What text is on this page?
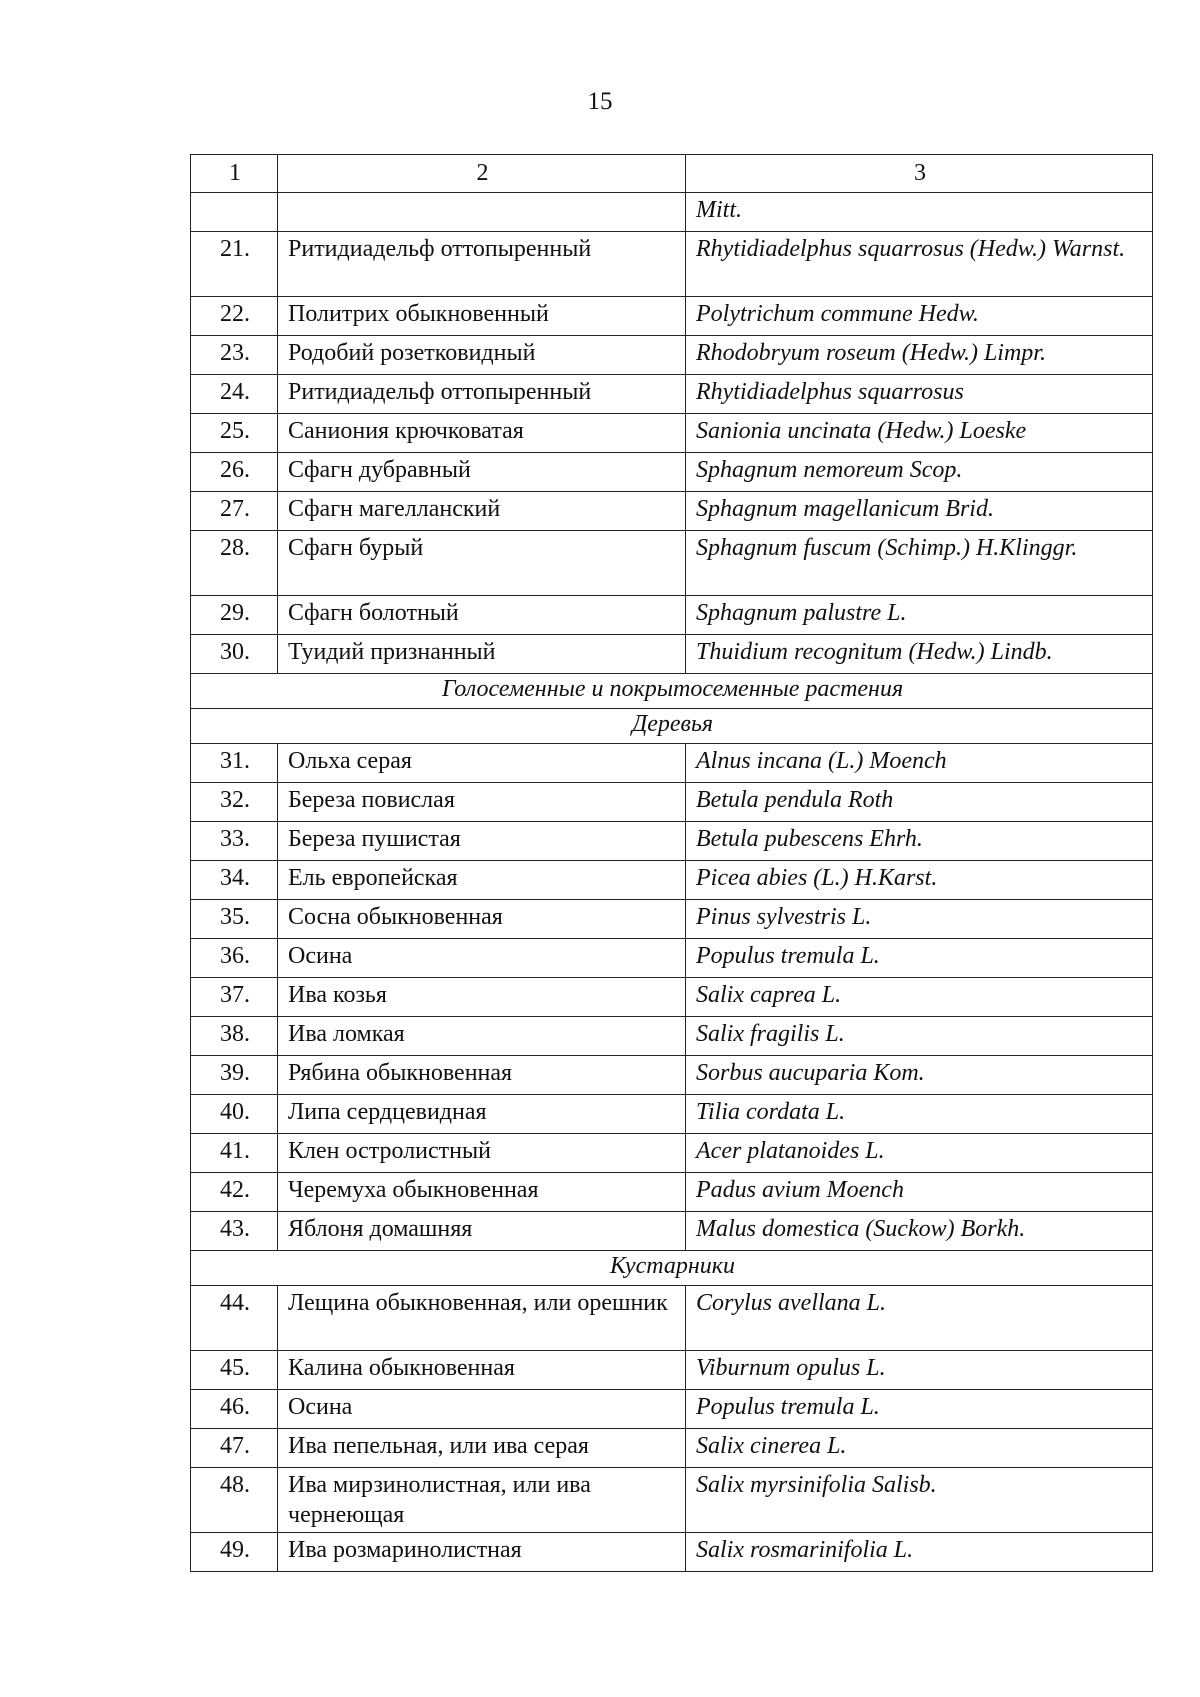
15
1	2	3
		Mitt.
21.	Ритидиадельф оттопыренный	Rhytidiadelphus squarrosus (Hedw.) Warnst.
22.	Политрих обыкновенный	Polytrichum commune Hedw.
23.	Родобий розетковидный	Rhodobryum roseum (Hedw.) Limpr.
24.	Ритидиадельф оттопыренный	Rhytidiadelphus squarrosus
25.	Саниония крючковатая	Sanionia uncinata (Hedw.) Loeske
26.	Сфагн дубравный	Sphagnum nemoreum Scop.
27.	Сфагн магелланский	Sphagnum magellanicum Brid.
28.	Сфагн бурый	Sphagnum fuscum (Schimp.) H.Klinggr.
29.	Сфагн болотный	Sphagnum palustre L.
30.	Туидий признанный	Thuidium recognitum (Hedw.) Lindb.
Голосеменные и покрытосеменные растения		
Деревья		
31.	Ольха серая	Alnus incana (L.) Moench
32.	Береза повислая	Betula pendula Roth
33.	Береза пушистая	Betula pubescens Ehrh.
34.	Ель европейская	Picea abies (L.) H.Karst.
35.	Сосна обыкновенная	Pinus sylvestris L.
36.	Осина	Populus tremula L.
37.	Ива козья	Salix caprea L.
38.	Ива ломкая	Salix fragilis L.
39.	Рябина обыкновенная	Sorbus aucuparia Kom.
40.	Липа сердцевидная	Tilia cordata L.
41.	Клен остролистный	Acer platanoides L.
42.	Черемуха обыкновенная	Padus avium Moench
43.	Яблоня домашняя	Malus domestica (Suckow) Borkh.
Кустарники		
44.	Лещина обыкновенная, или орешник	Corylus avellana L.
45.	Калина обыкновенная	Viburnum opulus L.
46.	Осина	Populus tremula L.
47.	Ива пепельная, или ива серая	Salix cinerea L.
48.	Ива мирзинолистная, или ива чернеющая	Salix myrsinifolia Salisb.
49.	Ива розмаринолистная	Salix rosmarinifolia L.
